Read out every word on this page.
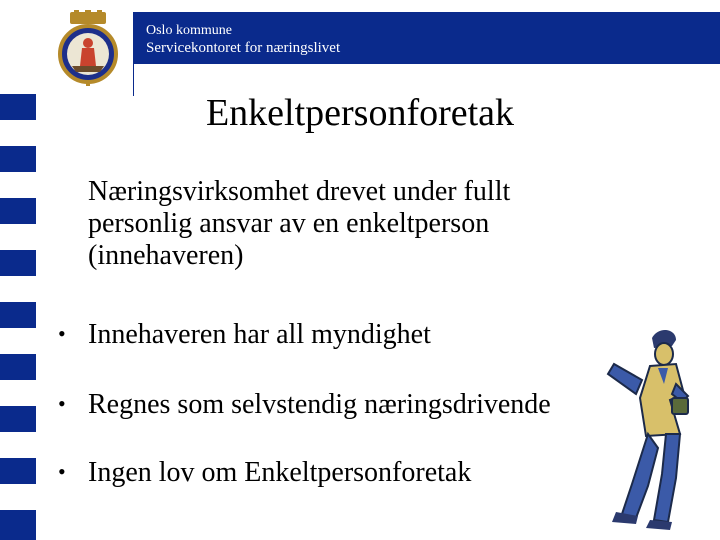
Oslo kommune
Servicekontoret for næringslivet
Enkeltpersonforetak
Næringsvirksomhet drevet under fullt personlig ansvar av en enkeltperson (innehaveren)
• Innehaveren har all myndighet
• Regnes som selvstendig næringsdrivende
• Ingen lov om Enkeltpersonforetak
